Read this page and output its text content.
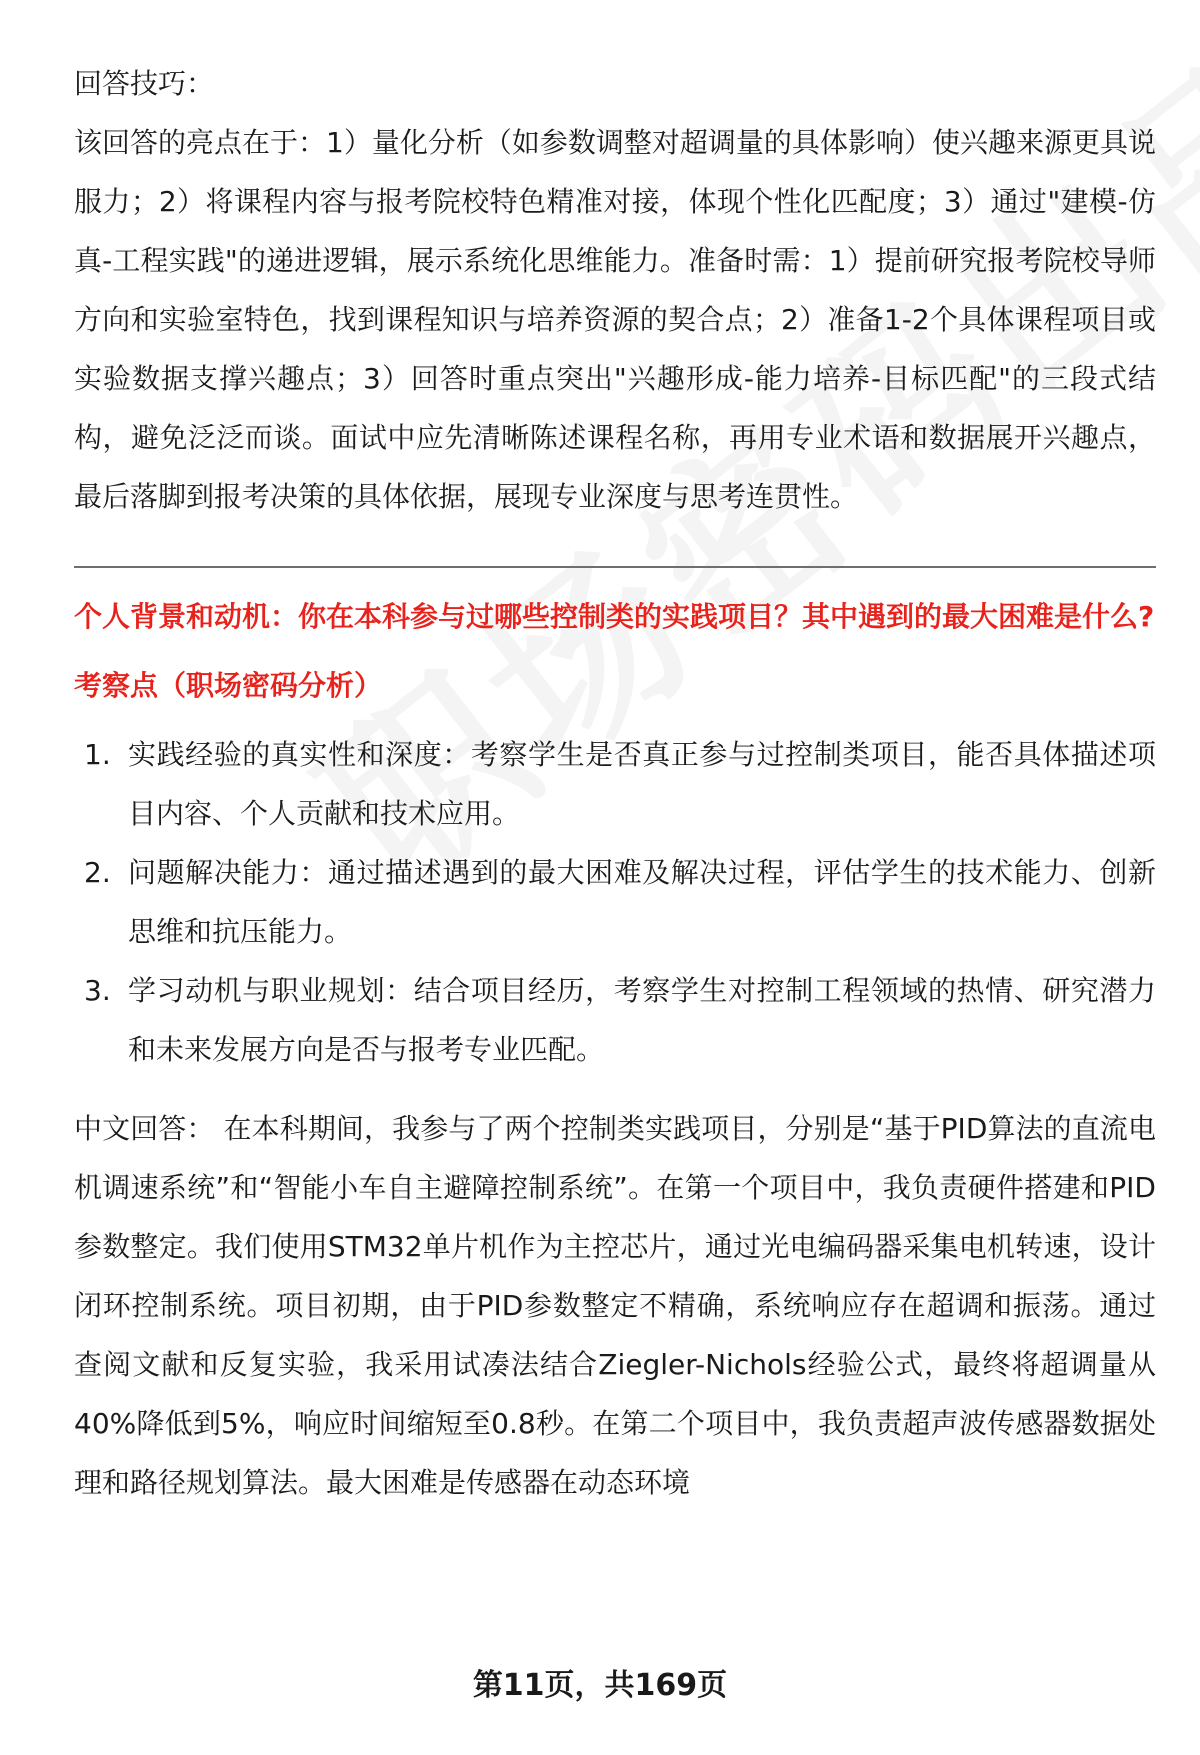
回答技巧：

该回答的亮点在于：1）量化分析（如参数调整对超调量的具体影响）使兴趣来源更具说服力；2）将课程内容与报考院校特色精准对接，体现个性化匹配度；3）通过"建模-仿真-工程实践"的递进逻辑，展示系统化思维能力。准备时需：1）提前研究报考院校导师方向和实验室特色，找到课程知识与培养资源的契合点；2）准备1-2个具体课程项目或实验数据支撑兴趣点；3）回答时重点突出"兴趣形成-能力培养-目标匹配"的三段式结构，避免泛泛而谈。面试中应先清晰陈述课程名称，再用专业术语和数据展开兴趣点，最后落脚到报考决策的具体依据，展现专业深度与思考连贯性。

个人背景和动机：你在本科参与过哪些控制类的实践项目？其中遇到的最大困难是什么?

考察点（职场密码分析）

1. 实践经验的真实性和深度：考察学生是否真正参与过控制类项目，能否具体描述项目内容、个人贡献和技术应用。
2. 问题解决能力：通过描述遇到的最大困难及解决过程，评估学生的技术能力、创新思维和抗压能力。
3. 学习动机与职业规划：结合项目经历，考察学生对控制工程领域的热情、研究潜力和未来发展方向是否与报考专业匹配。

中文回答： 在本科期间，我参与了两个控制类实践项目，分别是“基于PID算法的直流电机调速系统”和“智能小车自主避障控制系统”。在第一个项目中，我负责硬件搭建和PID参数整定。我们使用STM32单片机作为主控芯片，通过光电编码器采集电机转速，设计闭环控制系统。项目初期，由于PID参数整定不精确，系统响应存在超调和振荡。通过查阅文献和反复实验，我采用试凑法结合Ziegler-Nichols经验公式，最终将超调量从40%降低到5%，响应时间缩短至0.8秒。在第二个项目中，我负责超声波传感器数据处理和路径规划算法。最大困难是传感器在动态环境

第11页，共169页
